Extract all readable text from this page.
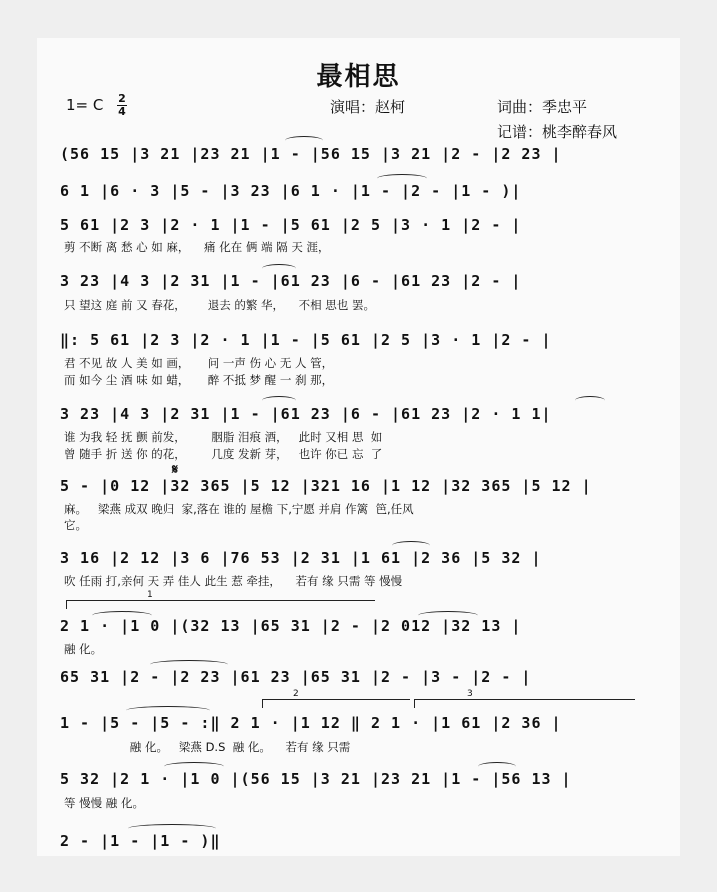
最相思
1= C $\frac{2}{4}$	演唱：赵柯	词曲：季忠平
记谱：桃李醉春风
(56 15 |3 21 |23 21 |1 - |56 15 |3 21 |2 - |2 23 |
6 1 |6 · 3 |5 - |3 23 |6 1 · |1 - |2 - |1 - )|
5 61 |2 3 |2 · 1 |1 - |5 61 |2 5 |3 · 1 |2 - |
剪 不断 离 愁 心 如 麻，    痛 化在 俩 端 隔 天 涯，
3 23 |4 3 |2 31 |1 - |61 23 |6 - |61 23 |2 - |
只 望这 庭 前 又 春花，      退去 的繁 华，    不相 思也 罢。
‖: 5 61 |2 3 |2 · 1 |1 - |5 61 |2 5 |3 · 1 |2 - |
君 不见 故 人 美 如 画，     问 一声 伤 心 无 人 管，
而 如今 尘 酒 味 如 蜡，     醉 不抵 梦 醒 一 刹 那，
3 23 |4 3 |2 31 |1 - |61 23 |6 - |61 23 |2 · 1 1|
谁 为我 轻 抚 颤 前发，       胭脂 泪痕 酒，   此时 又相 思  如
曾 随手 折 送 你 的花，       几度 发新 芽，   也许 你已 忘  了
𝄋
5 - |0 12 |32 365 |5 12 |321 16 |1 12 |32 365 |5 12 |
麻。   梁燕 成双 晚归  家,落在 谁的 屋檐 下,宁愿 并肩 作篱  笆,任风
它。
3 16 |2 12 |3 6 |76 53 |2 31 |1 61 |2 36 |5 32 |
吹 任雨 打,亲何 天 弄 佳人 此生 惹 牵挂，    若有 缘 只需 等 慢慢
1
2 1 · |1 0 |(32 13 |65 31 |2 - |2 012 |32 13 |
融 化。
65 31 |2 - |2 23 |61 23 |65 31 |2 - |3 - |2 - |
2	3
1 - |5 - |5 - :‖ 2 1 · |1 12 ‖ 2 1 · |1 61 |2 36 |
融 化。   梁燕 D.S  融 化。    若有 缘 只需
5 32 |2 1 · |1 0 |(56 15 |3 21 |23 21 |1 - |56 13 |
等 慢慢 融 化。
2 - |1 - |1 - )‖
